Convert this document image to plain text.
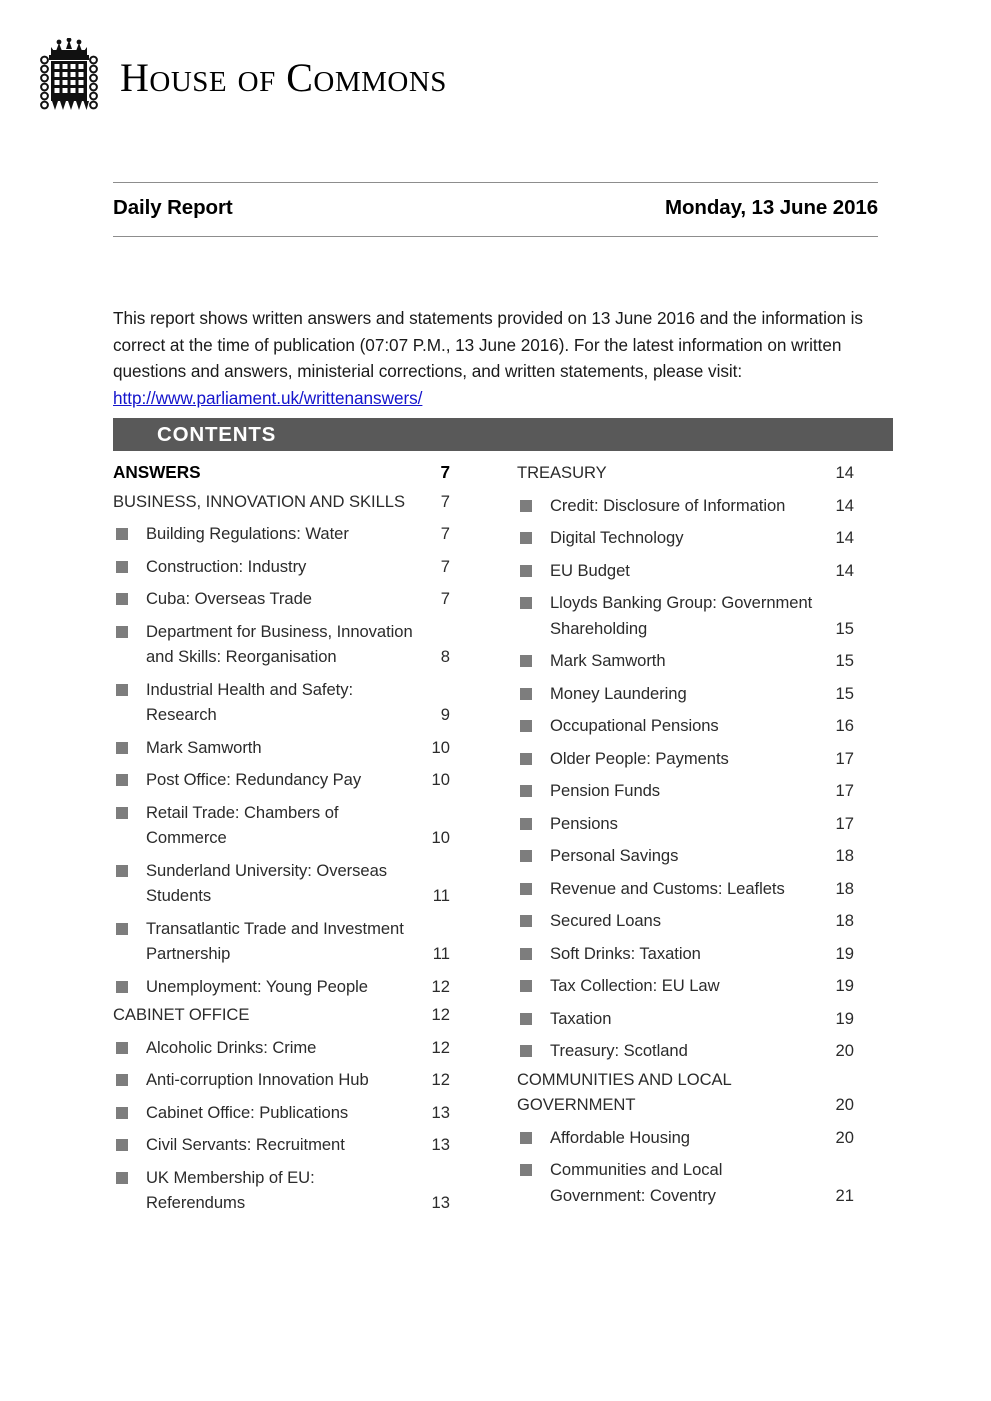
HOUSE OF COMMONS
Daily Report	Monday, 13 June 2016

This report shows written answers and statements provided on 13 June 2016 and the information is correct at the time of publication (07:07 P.M., 13 June 2016). For the latest information on written questions and answers, ministerial corrections, and written statements, please visit: http://www.parliament.uk/writtenanswers/

CONTENTS
ANSWERS	7
BUSINESS, INNOVATION AND SKILLS	7
Building Regulations: Water	7
Construction: Industry	7
Cuba: Overseas Trade	7
Department for Business, Innovation and Skills: Reorganisation	8
Industrial Health and Safety: Research	9
Mark Samworth	10
Post Office: Redundancy Pay	10
Retail Trade: Chambers of Commerce	10
Sunderland University: Overseas Students	11
Transatlantic Trade and Investment Partnership	11
Unemployment: Young People	12
CABINET OFFICE	12
Alcoholic Drinks: Crime	12
Anti-corruption Innovation Hub	12
Cabinet Office: Publications	13
Civil Servants: Recruitment	13
UK Membership of EU: Referendums	13
TREASURY	14
Credit: Disclosure of Information	14
Digital Technology	14
EU Budget	14
Lloyds Banking Group: Government Shareholding	15
Mark Samworth	15
Money Laundering	15
Occupational Pensions	16
Older People: Payments	17
Pension Funds	17
Pensions	17
Personal Savings	18
Revenue and Customs: Leaflets	18
Secured Loans	18
Soft Drinks: Taxation	19
Tax Collection: EU Law	19
Taxation	19
Treasury: Scotland	20
COMMUNITIES AND LOCAL GOVERNMENT	20
Affordable Housing	20
Communities and Local Government: Coventry	21
